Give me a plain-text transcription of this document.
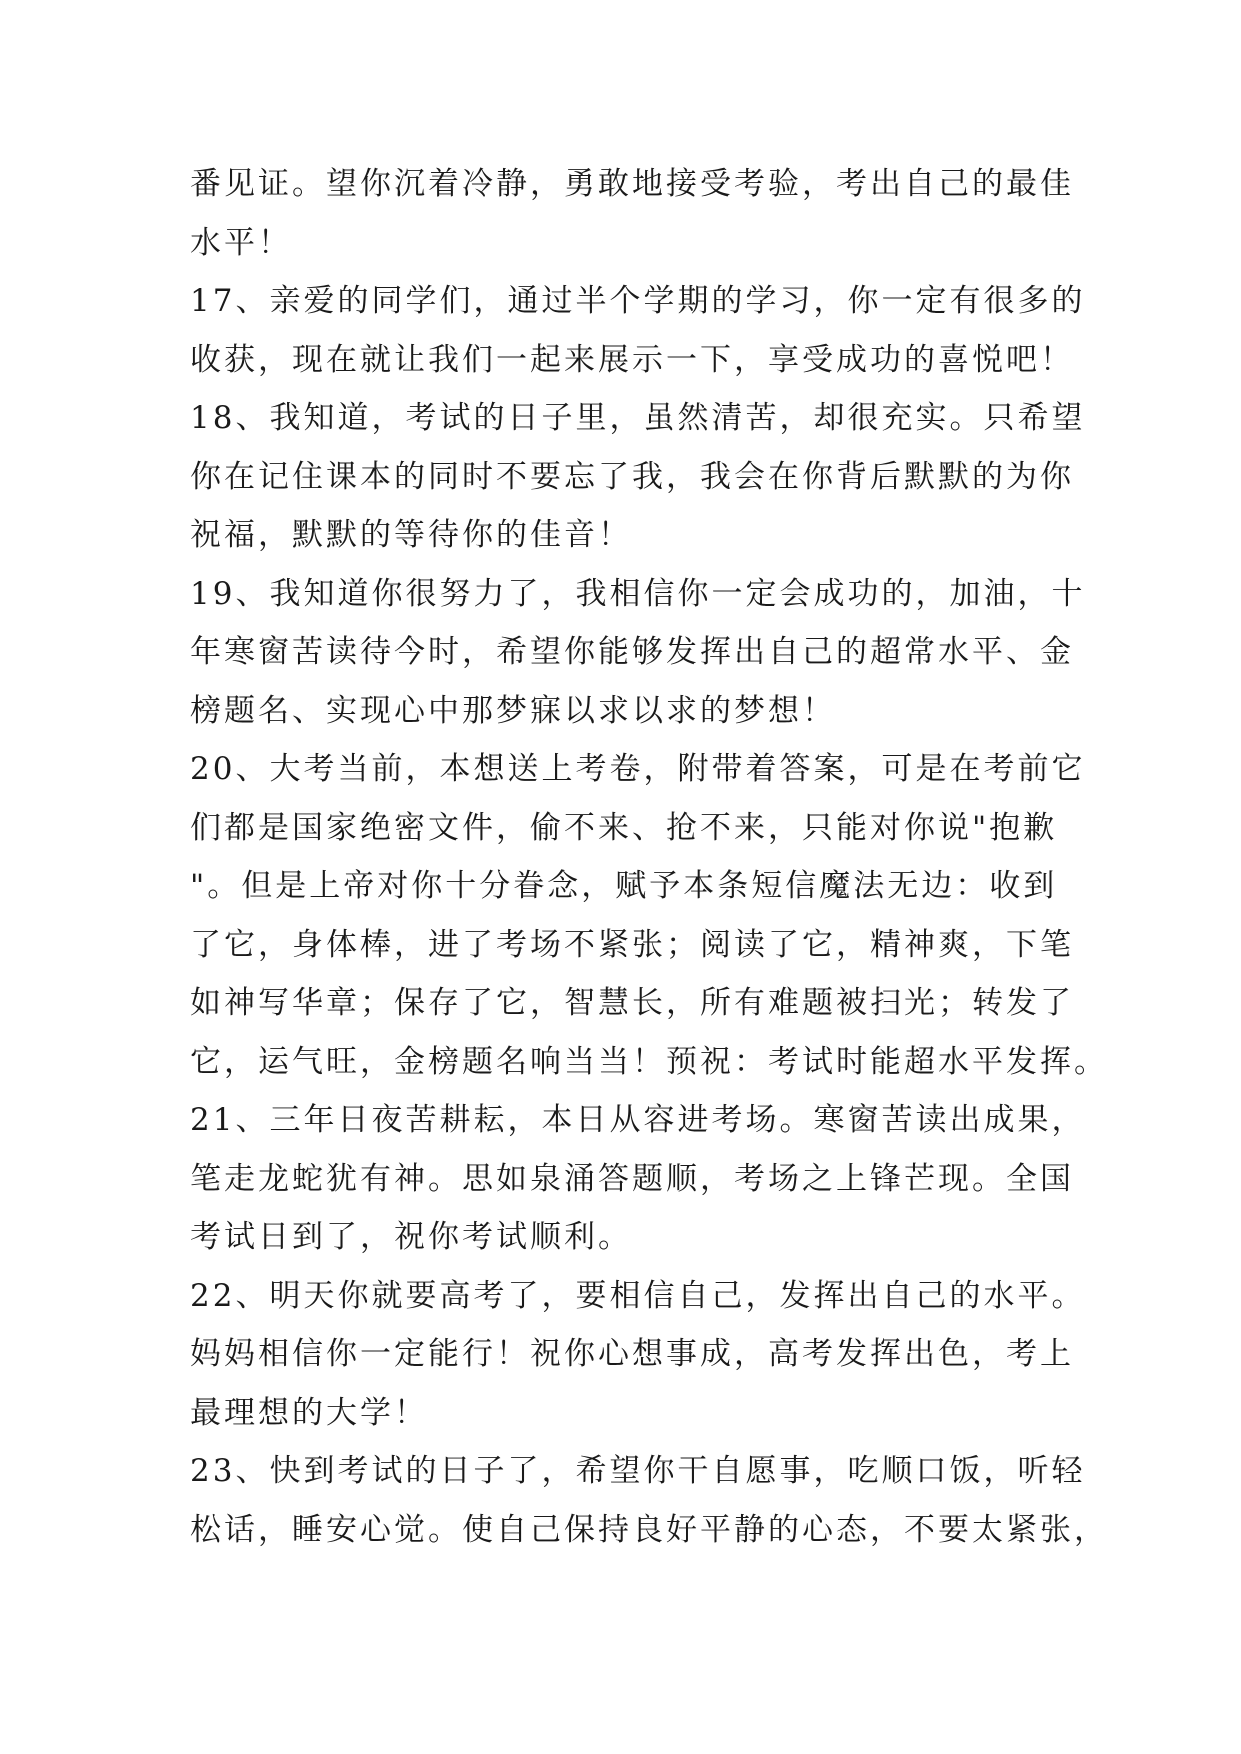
番见证。望你沉着冷静，勇敢地接受考验，考出自己的最佳
水平！
17、亲爱的同学们，通过半个学期的学习，你一定有很多的
收获，现在就让我们一起来展示一下，享受成功的喜悦吧！
18、我知道，考试的日子里，虽然清苦，却很充实。只希望
你在记住课本的同时不要忘了我，我会在你背后默默的为你
祝福，默默的等待你的佳音！
19、我知道你很努力了，我相信你一定会成功的，加油，十
年寒窗苦读待今时，希望你能够发挥出自己的超常水平、金
榜题名、实现心中那梦寐以求以求的梦想！
20、大考当前，本想送上考卷，附带着答案，可是在考前它
们都是国家绝密文件，偷不来、抢不来，只能对你说"抱歉
"。但是上帝对你十分眷念，赋予本条短信魔法无边：收到
了它，身体棒，进了考场不紧张；阅读了它，精神爽，下笔
如神写华章；保存了它，智慧长，所有难题被扫光；转发了
它，运气旺，金榜题名响当当！预祝：考试时能超水平发挥。
21、三年日夜苦耕耘，本日从容进考场。寒窗苦读出成果，
笔走龙蛇犹有神。思如泉涌答题顺，考场之上锋芒现。全国
考试日到了，祝你考试顺利。
22、明天你就要高考了，要相信自己，发挥出自己的水平。
妈妈相信你一定能行！祝你心想事成，高考发挥出色，考上
最理想的大学！
23、快到考试的日子了，希望你干自愿事，吃顺口饭，听轻
松话，睡安心觉。使自己保持良好平静的心态，不要太紧张，
